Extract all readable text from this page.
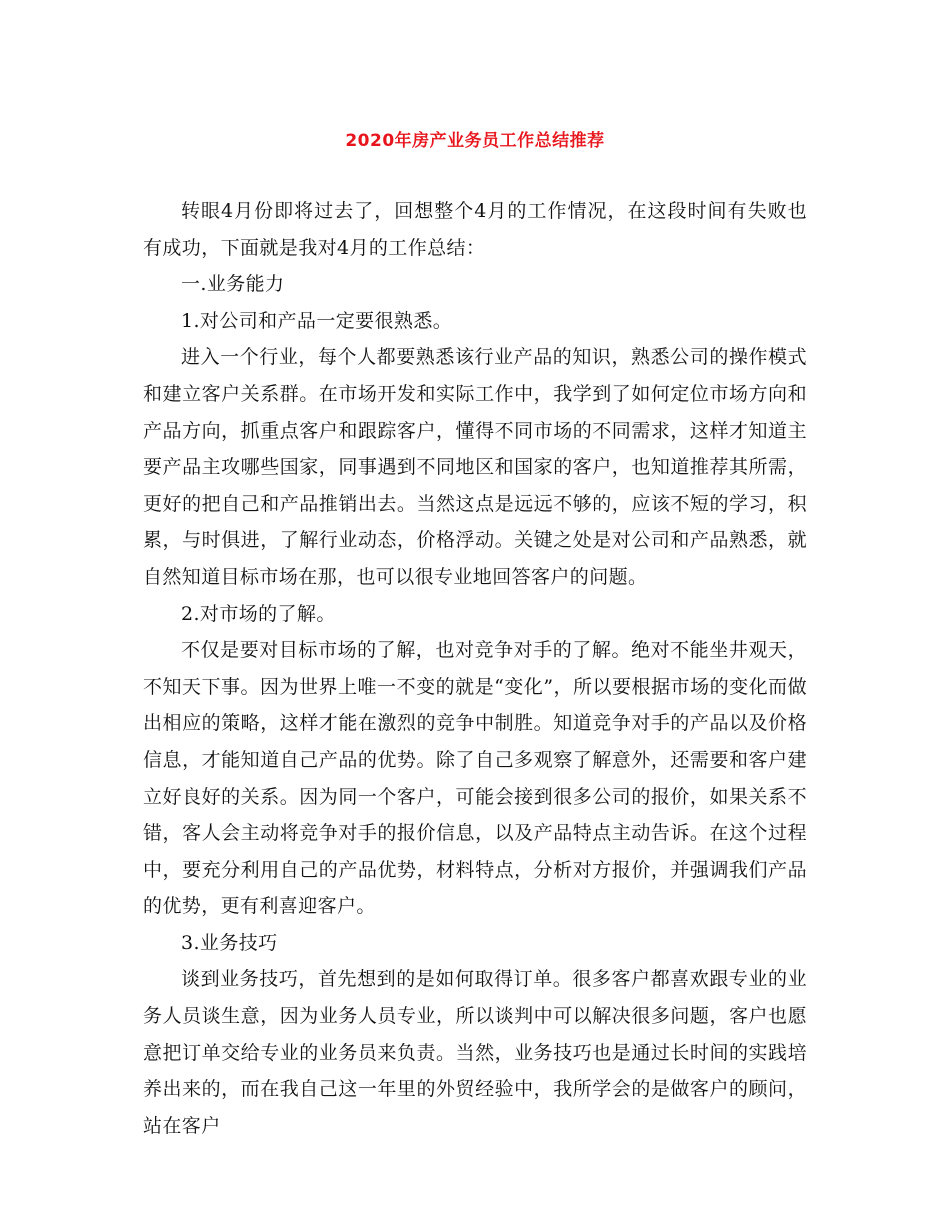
2020年房产业务员工作总结推荐

转眼4月份即将过去了，回想整个4月的工作情况，在这段时间有失败也有成功，下面就是我对4月的工作总结：

一.业务能力

1.对公司和产品一定要很熟悉。

进入一个行业，每个人都要熟悉该行业产品的知识，熟悉公司的操作模式和建立客户关系群。在市场开发和实际工作中，我学到了如何定位市场方向和产品方向，抓重点客户和跟踪客户，懂得不同市场的不同需求，这样才知道主要产品主攻哪些国家，同事遇到不同地区和国家的客户，也知道推荐其所需，更好的把自己和产品推销出去。当然这点是远远不够的，应该不短的学习，积累，与时俱进，了解行业动态，价格浮动。关键之处是对公司和产品熟悉，就自然知道目标市场在那，也可以很专业地回答客户的问题。

2.对市场的了解。

不仅是要对目标市场的了解，也对竞争对手的了解。绝对不能坐井观天，不知天下事。因为世界上唯一不变的就是“变化”，所以要根据市场的变化而做出相应的策略，这样才能在激烈的竞争中制胜。知道竞争对手的产品以及价格信息，才能知道自己产品的优势。除了自己多观察了解意外，还需要和客户建立好良好的关系。因为同一个客户，可能会接到很多公司的报价，如果关系不错，客人会主动将竞争对手的报价信息，以及产品特点主动告诉。在这个过程中，要充分利用自己的产品优势，材料特点，分析对方报价，并强调我们产品的优势，更有利喜迎客户。

3.业务技巧

谈到业务技巧，首先想到的是如何取得订单。很多客户都喜欢跟专业的业务人员谈生意，因为业务人员专业，所以谈判中可以解决很多问题，客户也愿意把订单交给专业的业务员来负责。当然，业务技巧也是通过长时间的实践培养出来的，而在我自己这一年里的外贸经验中，我所学会的是做客户的顾问，站在客户
